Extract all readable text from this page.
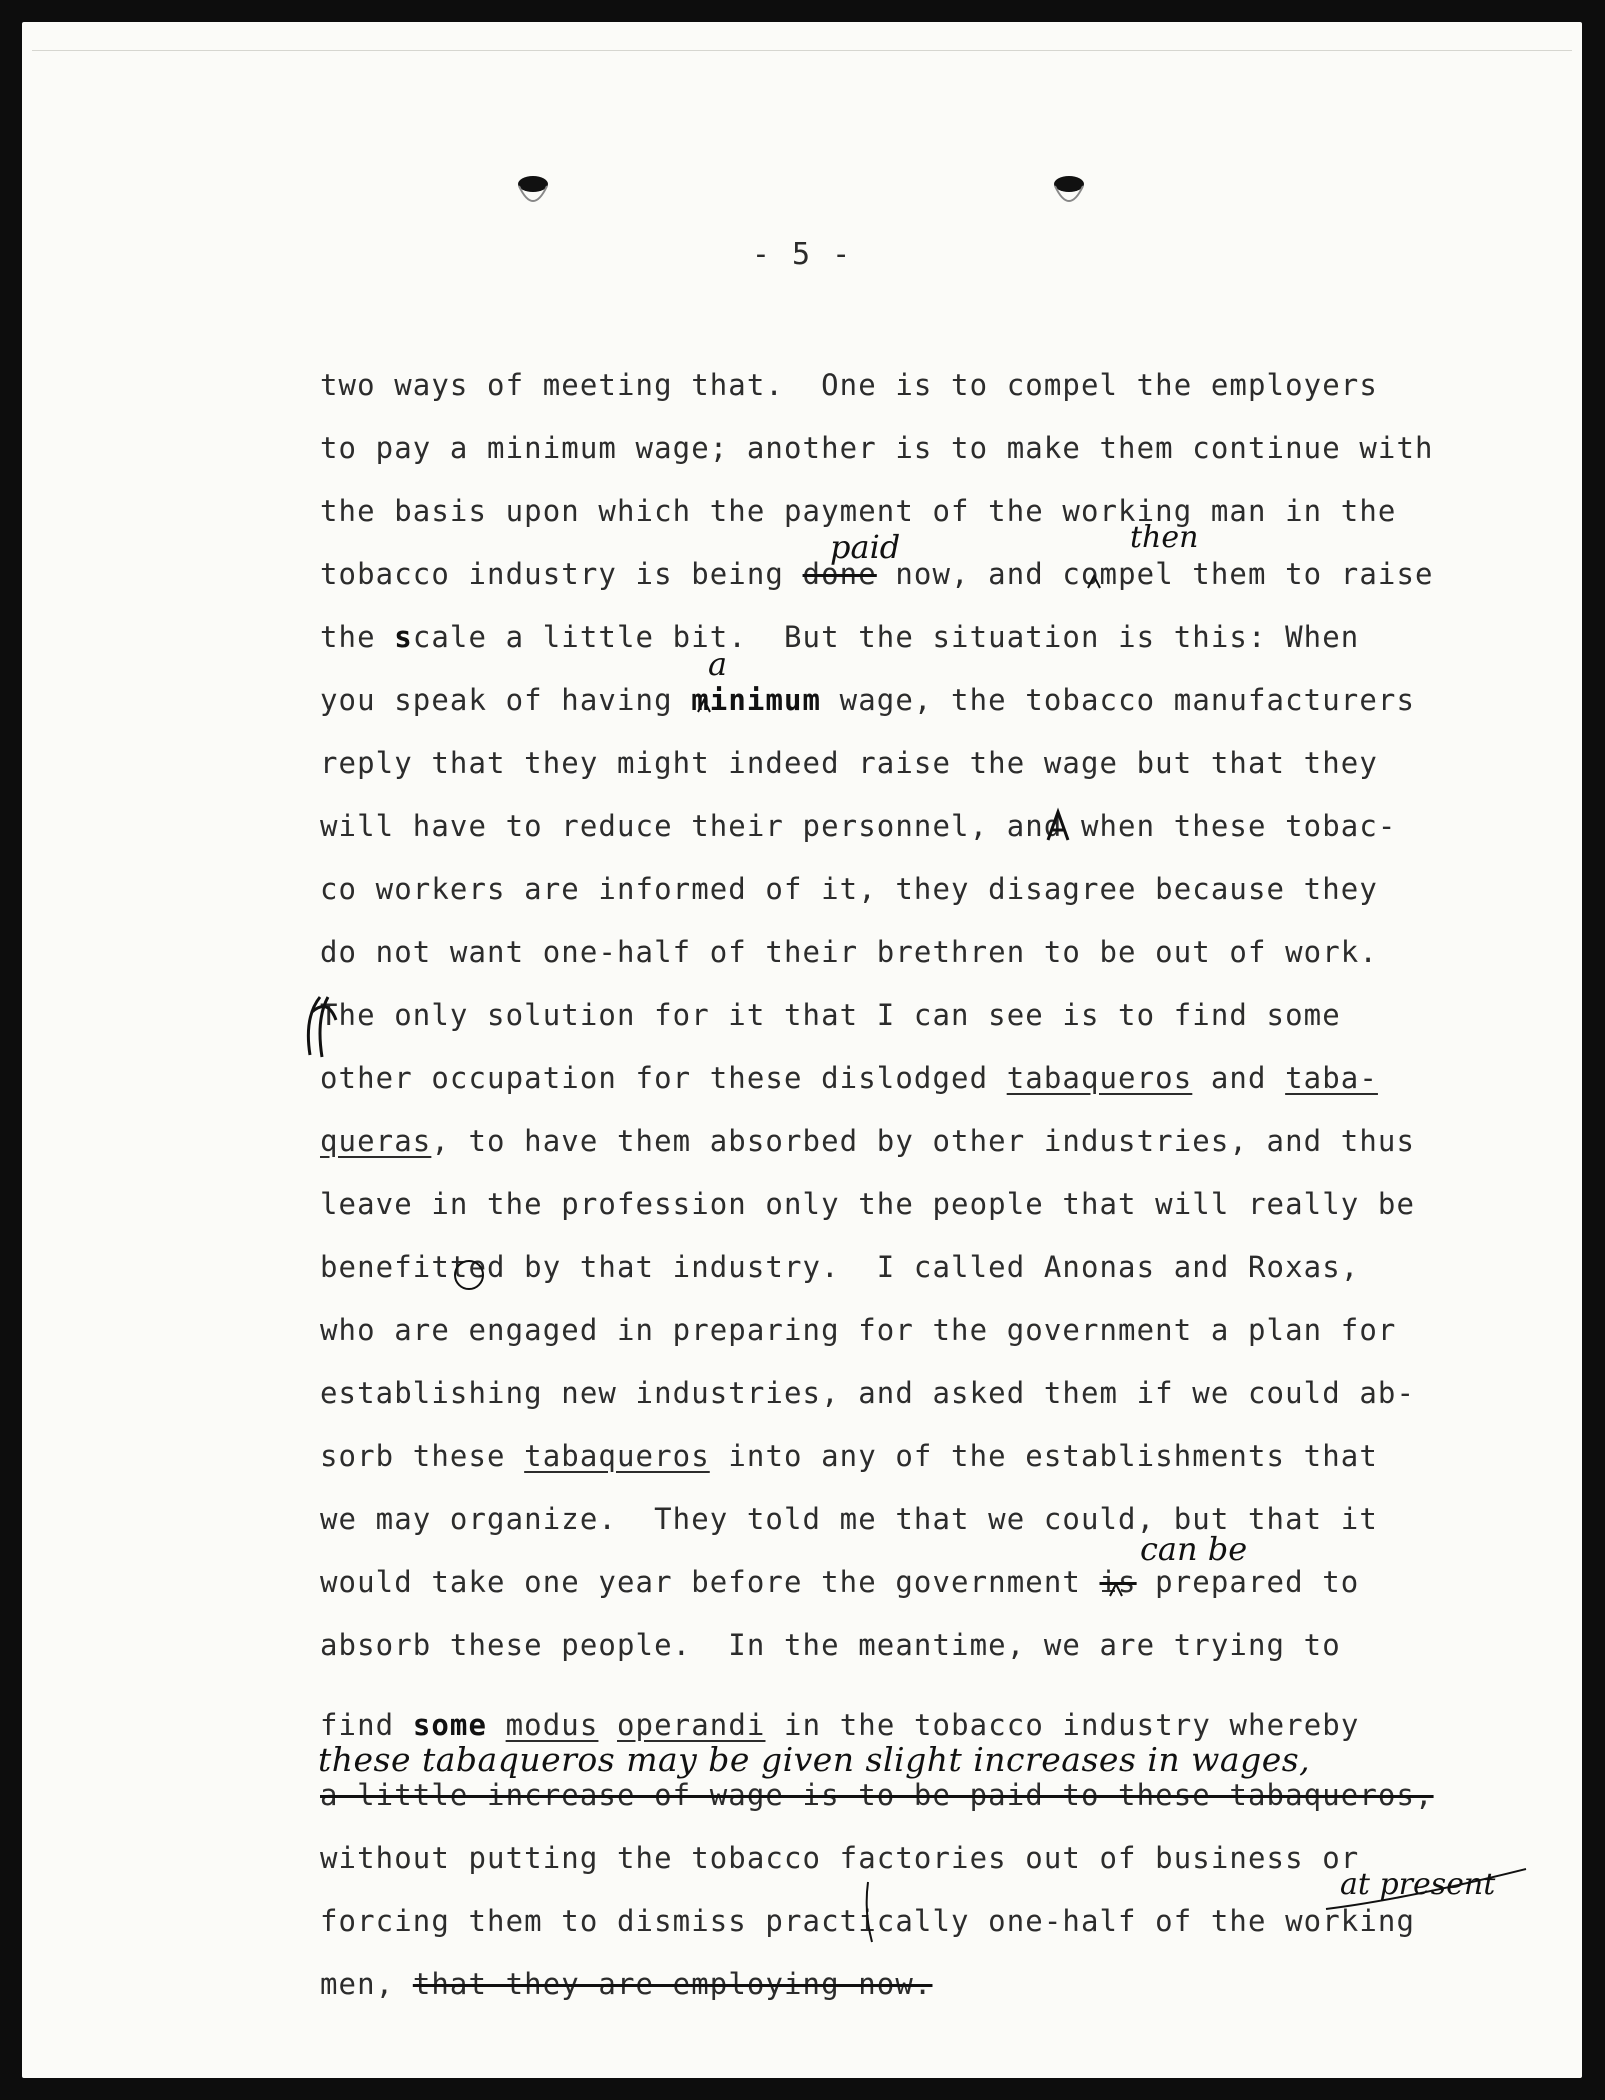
- 5 -
two ways of meeting that.  One is to compel the employers
to pay a minimum wage; another is to make them continue with
the basis upon which the payment of the working man in the
tobacco industry is being done now, and compel them to raise
the scale a little bit.  But the situation is this: When
you speak of having minimum wage, the tobacco manufacturers
reply that they might indeed raise the wage but that they
will have to reduce their personnel, and when these tobac-
co workers are informed of it, they disagree because they
do not want one-half of their brethren to be out of work.
The only solution for it that I can see is to find some
other occupation for these dislodged tabaqueros and taba-
queras, to have them absorbed by other industries, and thus
leave in the profession only the people that will really be
benefitted by that industry.  I called Anonas and Roxas,
who are engaged in preparing for the government a plan for
establishing new industries, and asked them if we could ab-
sorb these tabaqueros into any of the establishments that
we may organize.  They told me that we could, but that it
would take one year before the government is prepared to
absorb these people.  In the meantime, we are trying to
find some modus operandi in the tobacco industry whereby
a little increase of wage is to be paid to these tabaqueros,
without putting the tobacco factories out of business or
forcing them to dismiss practically one-half of the working
men, that they are employing now.
paid	then
a
can be
these tabaqueros may be given slight increases in wages,
at present
